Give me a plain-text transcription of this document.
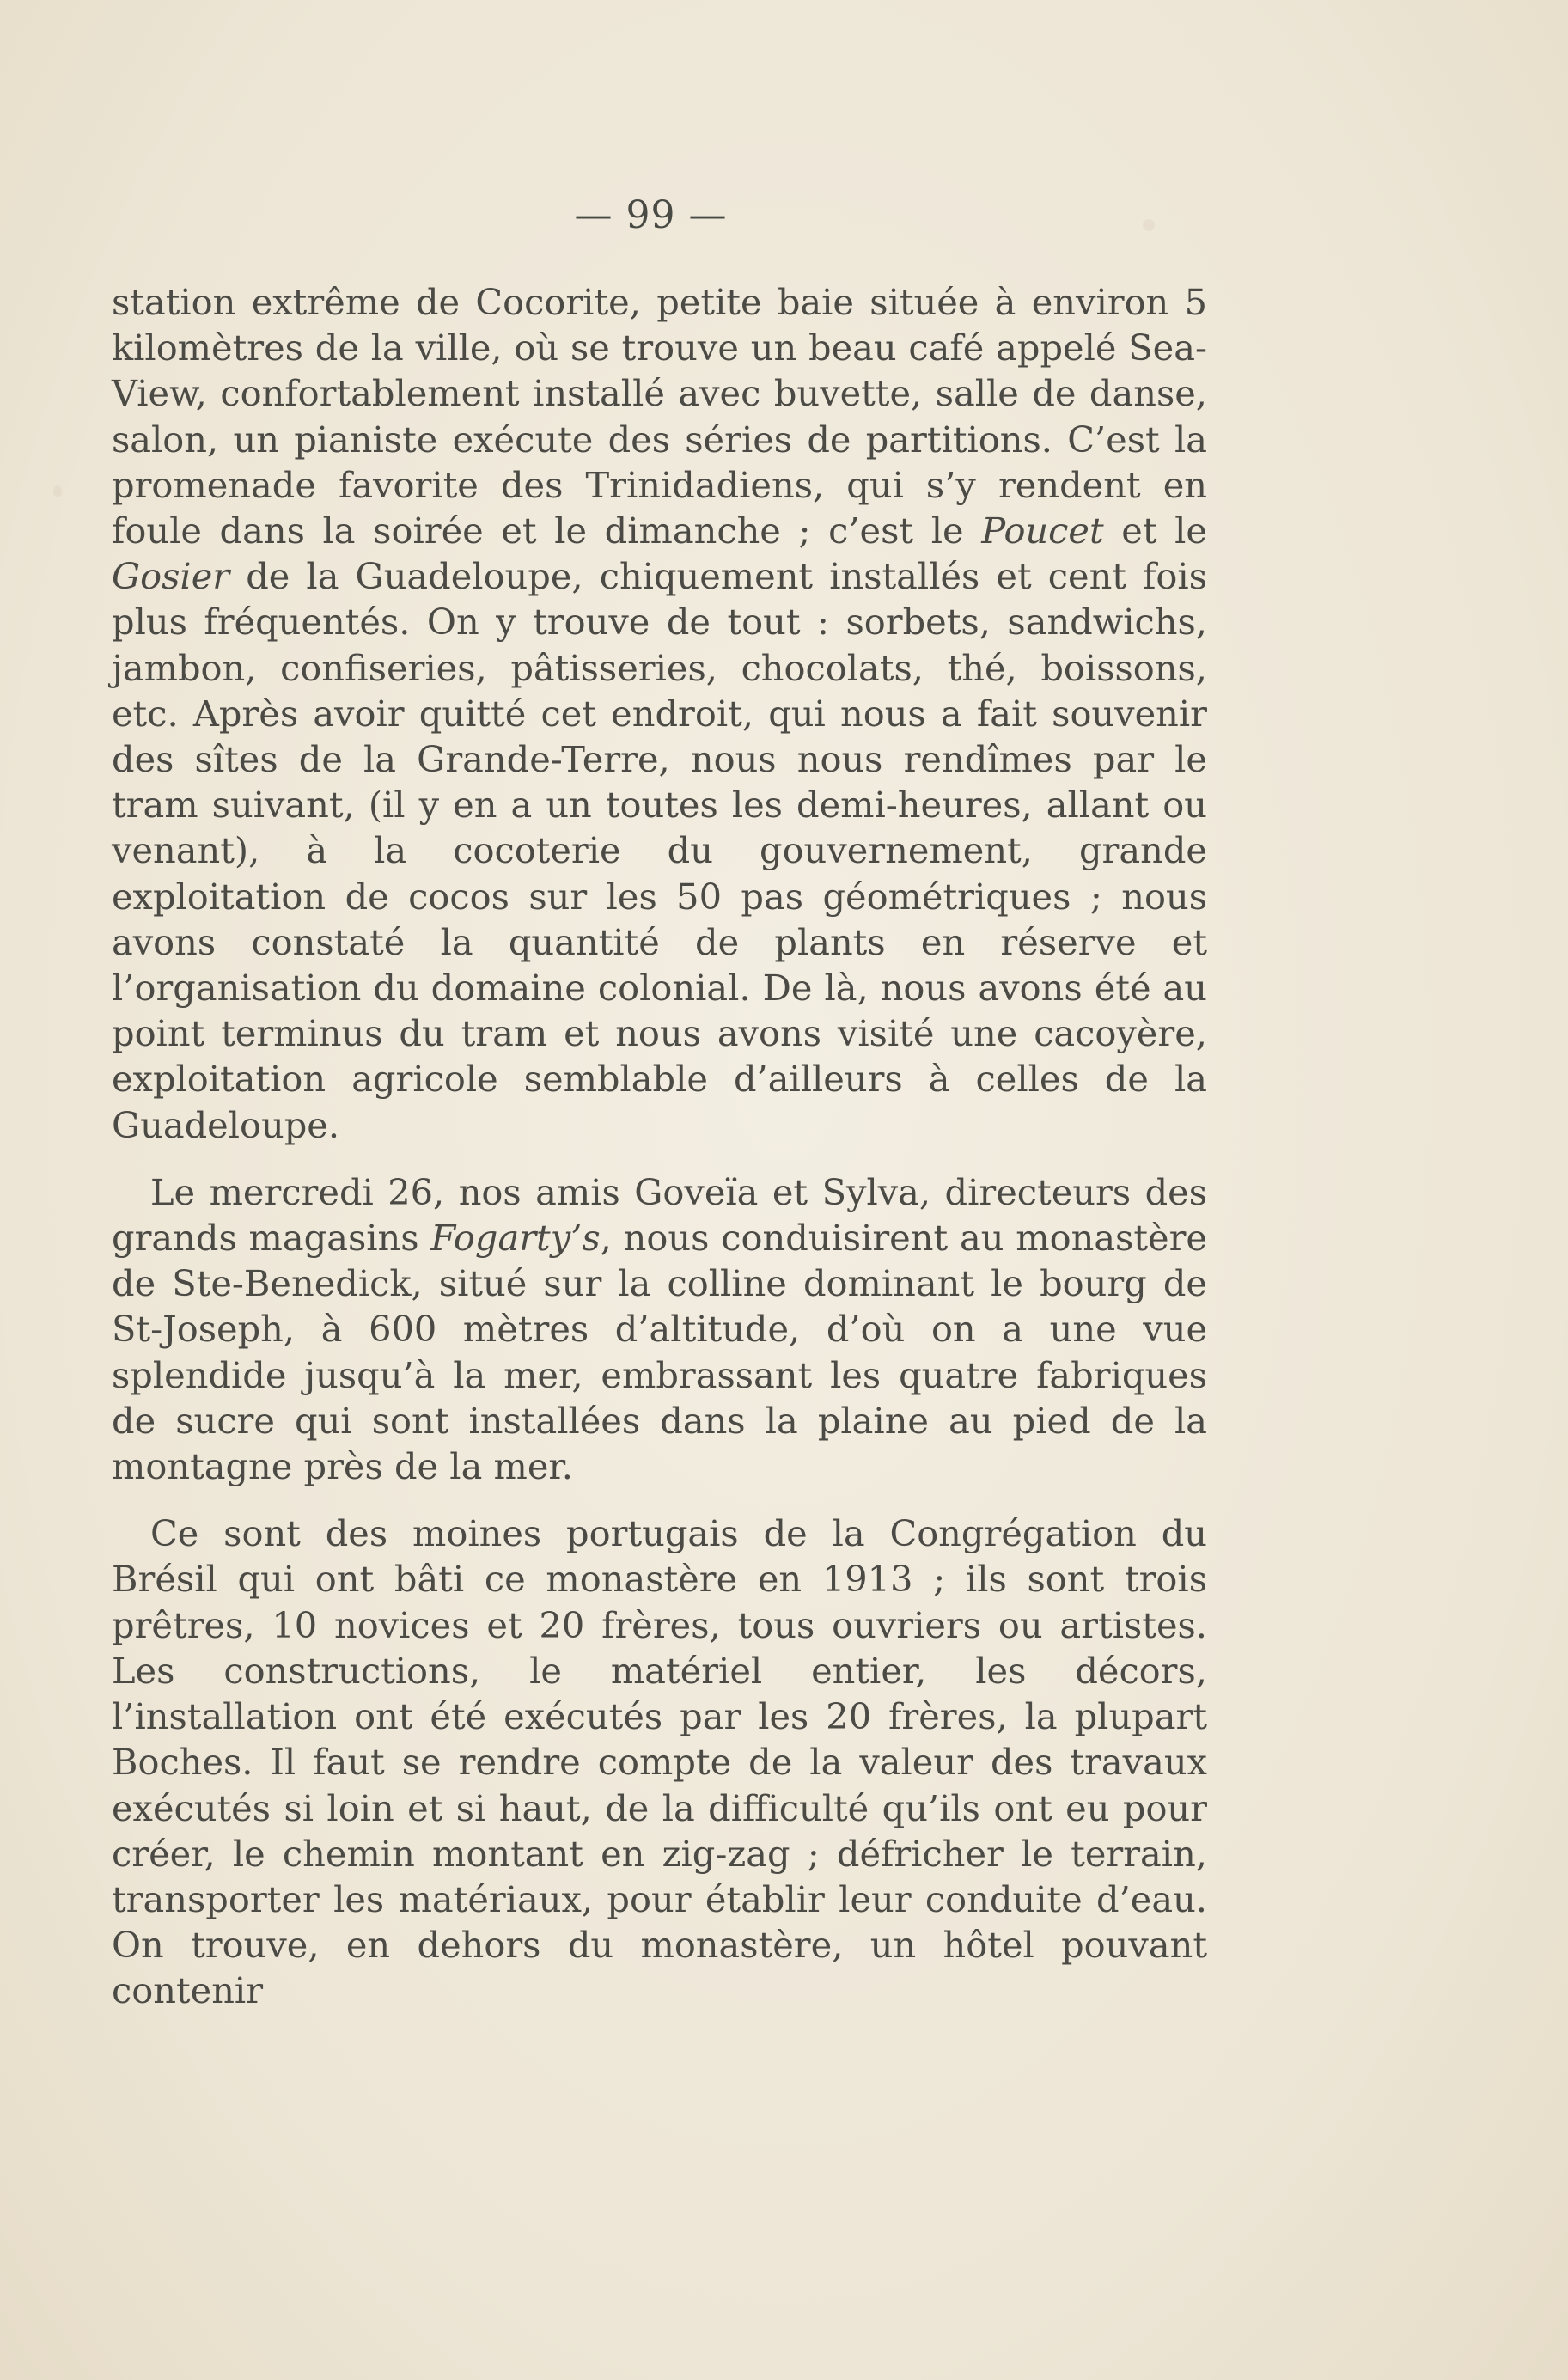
— 99 —

station extrême de Cocorite, petite baie située à environ 5 kilomètres de la ville, où se trouve un beau café appelé Sea-View, confortablement installé avec buvette, salle de danse, salon, un pianiste exécute des séries de partitions. C’est la promenade favorite des Trinidadiens, qui s’y rendent en foule dans la soirée et le dimanche ; c’est le Poucet et le Gosier de la Guadeloupe, chiquement installés et cent fois plus fréquentés. On y trouve de tout : sorbets, sandwichs, jambon, confiseries, pâtisseries, chocolats, thé, boissons, etc. Après avoir quitté cet endroit, qui nous a fait souvenir des sîtes de la Grande-Terre, nous nous rendîmes par le tram suivant, (il y en a un toutes les demi-heures, allant ou venant), à la cocoterie du gouvernement, grande exploitation de cocos sur les 50 pas géométriques ; nous avons constaté la quantité de plants en réserve et l’organisation du domaine colonial. De là, nous avons été au point terminus du tram et nous avons visité une cacoyère, exploitation agricole semblable d’ailleurs à celles de la Guadeloupe.

Le mercredi 26, nos amis Goveïa et Sylva, directeurs des grands magasins Fogarty’s, nous conduisirent au monastère de Ste-Benedick, situé sur la colline dominant le bourg de St-Joseph, à 600 mètres d’altitude, d’où on a une vue splendide jusqu’à la mer, embrassant les quatre fabriques de sucre qui sont installées dans la plaine au pied de la montagne près de la mer.

Ce sont des moines portugais de la Congrégation du Brésil qui ont bâti ce monastère en 1913 ; ils sont trois prêtres, 10 novices et 20 frères, tous ouvriers ou artistes. Les constructions, le matériel entier, les décors, l’installation ont été exécutés par les 20 frères, la plupart Boches. Il faut se rendre compte de la valeur des travaux exécutés si loin et si haut, de la difficulté qu’ils ont eu pour créer, le chemin montant en zig-zag ; défricher le terrain, transporter les matériaux, pour établir leur conduite d’eau. On trouve, en dehors du monastère, un hôtel pouvant contenir
